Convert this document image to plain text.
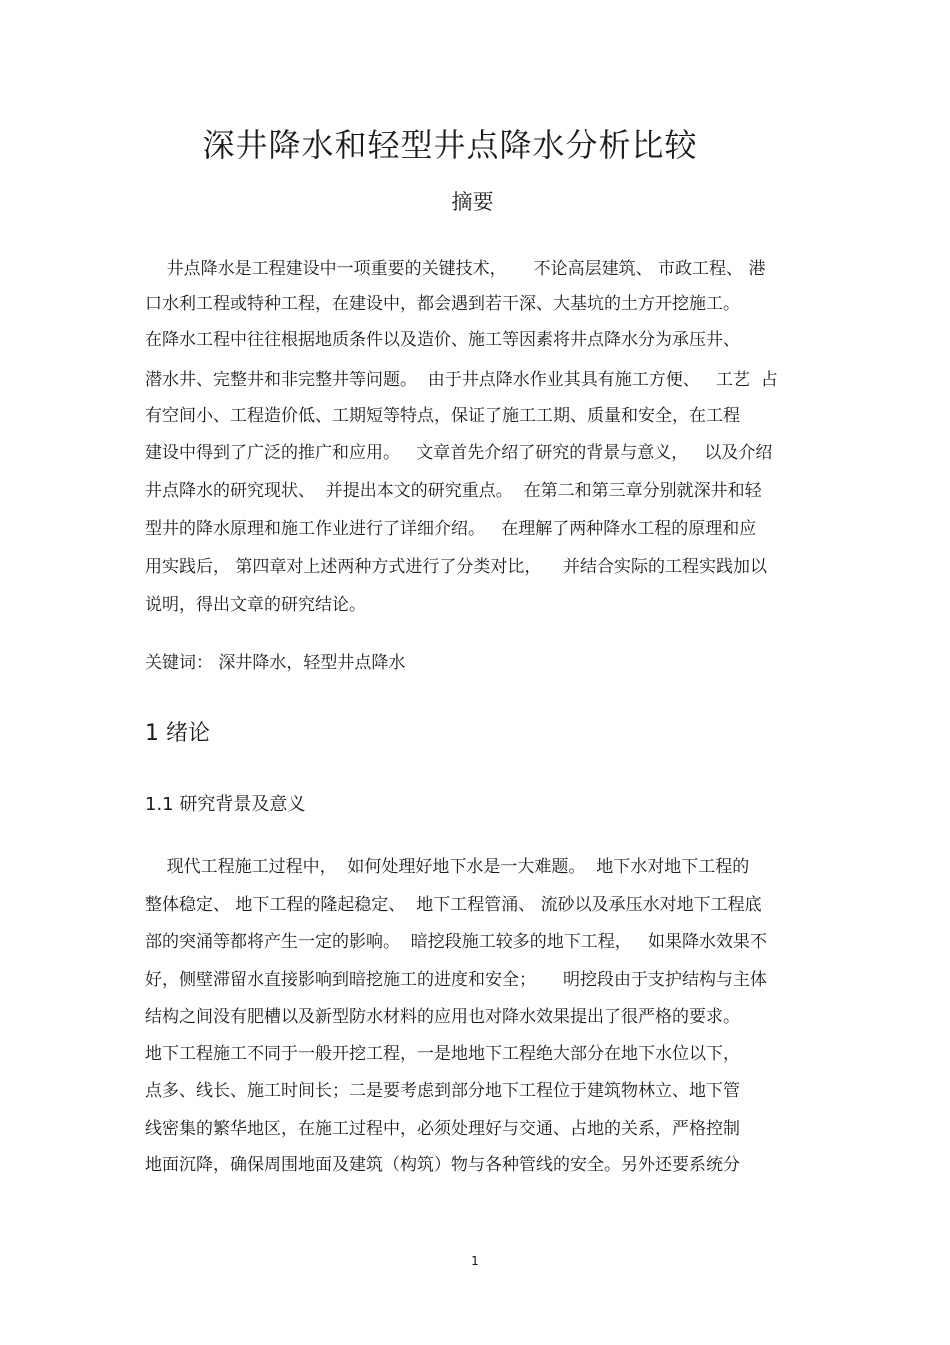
深井降水和轻型井点降水分析比较
摘要
井点降水是工程建设中一项重要的关键技术，     不论高层建筑、 市政工程、 港
口水利工程或特种工程，在建设中，都会遇到若干深、大基坑的土方开挖施工。
在降水工程中往往根据地质条件以及造价、施工等因素将井点降水分为承压井、
潜水井、完整井和非完整井等问题。  由于井点降水作业其具有施工方便、   工艺  占
有空间小、工程造价低、工期短等特点，保证了施工工期、质量和安全，在工程
建设中得到了广泛的推广和应用。   文章首先介绍了研究的背景与意义，   以及介绍
井点降水的研究现状、  并提出本文的研究重点。  在第二和第三章分别就深井和轻
型井的降水原理和施工作业进行了详细介绍。   在理解了两种降水工程的原理和应
用实践后， 第四章对上述两种方式进行了分类对比，    并结合实际的工程实践加以
说明，得出文章的研究结论。
关键词： 深井降水，轻型井点降水
1 绪论
1.1 研究背景及意义
现代工程施工过程中，  如何处理好地下水是一大难题。  地下水对地下工程的
整体稳定、 地下工程的隆起稳定、  地下工程管涌、 流砂以及承压水对地下工程底
部的突涌等都将产生一定的影响。  暗挖段施工较多的地下工程，   如果降水效果不
好，侧壁滞留水直接影响到暗挖施工的进度和安全；     明挖段由于支护结构与主体
结构之间没有肥槽以及新型防水材料的应用也对降水效果提出了很严格的要求。
地下工程施工不同于一般开挖工程，一是地地下工程绝大部分在地下水位以下，
点多、线长、施工时间长；二是要考虑到部分地下工程位于建筑物林立、地下管
线密集的繁华地区，在施工过程中，必须处理好与交通、占地的关系，严格控制
地面沉降，确保周围地面及建筑（构筑）物与各种管线的安全。另外还要系统分
1
